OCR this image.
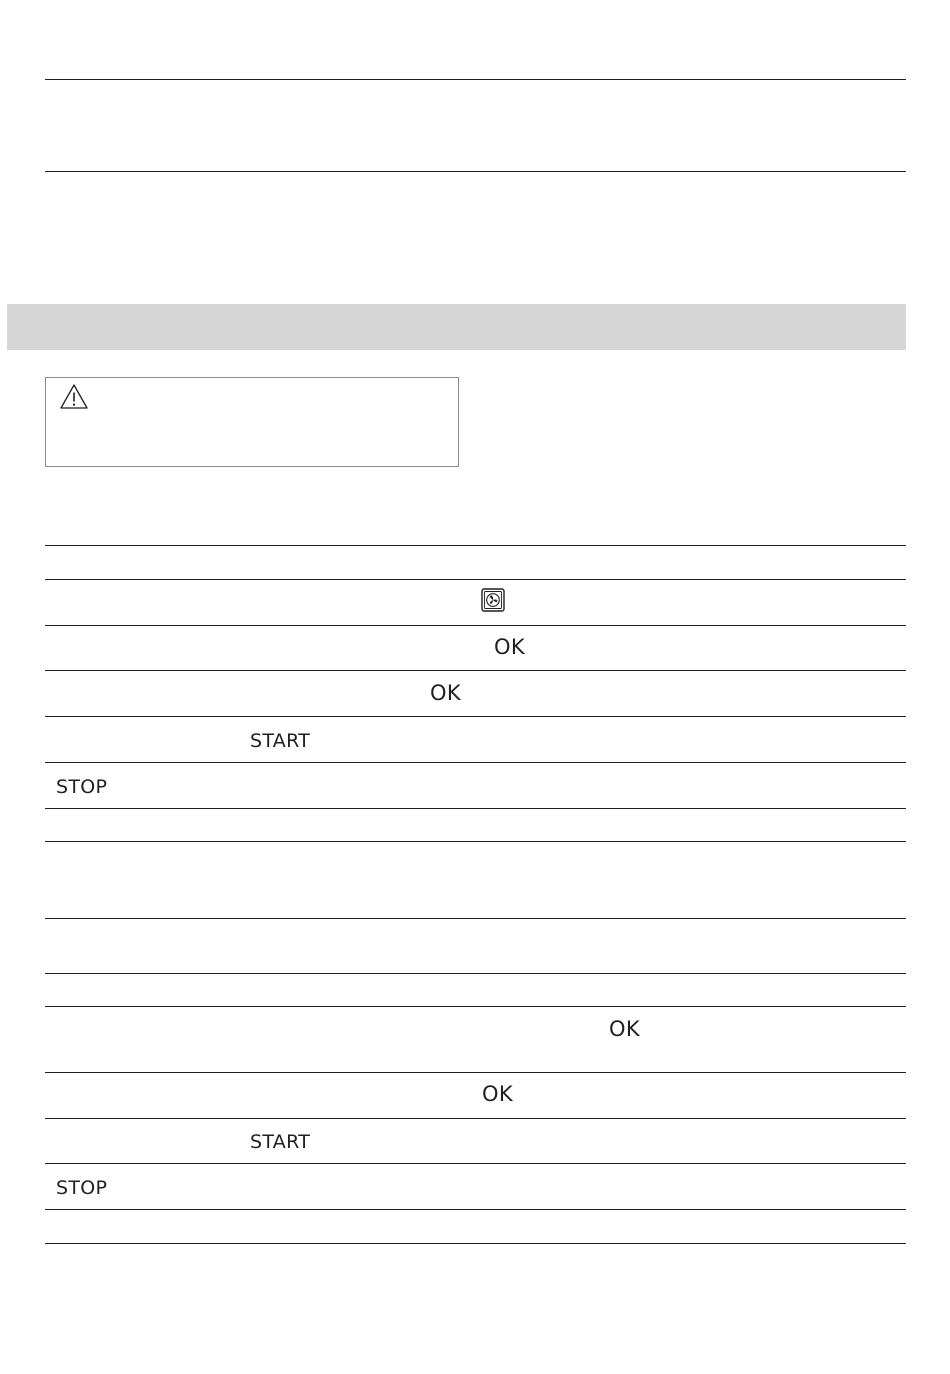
OK
OK
START
STOP
OK
OK
START
STOP
